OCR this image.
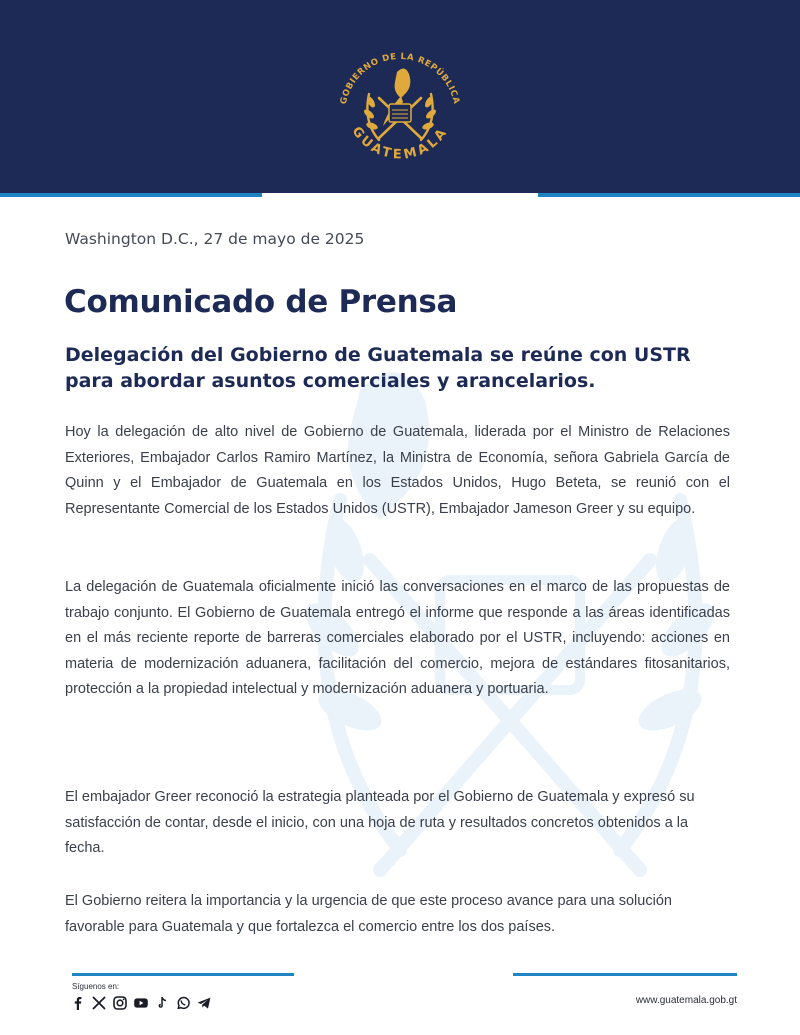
GOBIERNO DE LA REPÚBLICA
GUATEMALA
Washington D.C., 27 de mayo de 2025
Comunicado de Prensa
Delegación del Gobierno de Guatemala se reúne con USTR para abordar asuntos comerciales y arancelarios.

Hoy la delegación de alto nivel de Gobierno de Guatemala, liderada por el Ministro de Relaciones Exteriores, Embajador Carlos Ramiro Martínez, la Ministra de Economía, señora Gabriela García de Quinn y el Embajador de Guatemala en los Estados Unidos, Hugo Beteta, se reunió con el Representante Comercial de los Estados Unidos (USTR), Embajador Jameson Greer y su equipo.

La delegación de Guatemala oficialmente inició las conversaciones en el marco de las propuestas de trabajo conjunto. El Gobierno de Guatemala entregó el informe que responde a las áreas identificadas en el más reciente reporte de barreras comerciales elaborado por el USTR, incluyendo: acciones en materia de modernización aduanera, facilitación del comercio, mejora de estándares fitosanitarios, protección a la propiedad intelectual y modernización aduanera y portuaria.

El embajador Greer reconoció la estrategia planteada por el Gobierno de Guatemala y expresó su satisfacción de contar, desde el inicio, con una hoja de ruta y resultados concretos obtenidos a la fecha.

El Gobierno reitera la importancia y la urgencia de que este proceso avance para una solución favorable para Guatemala y que fortalezca el comercio entre los dos países.

Síguenos en:
www.guatemala.gob.gt
